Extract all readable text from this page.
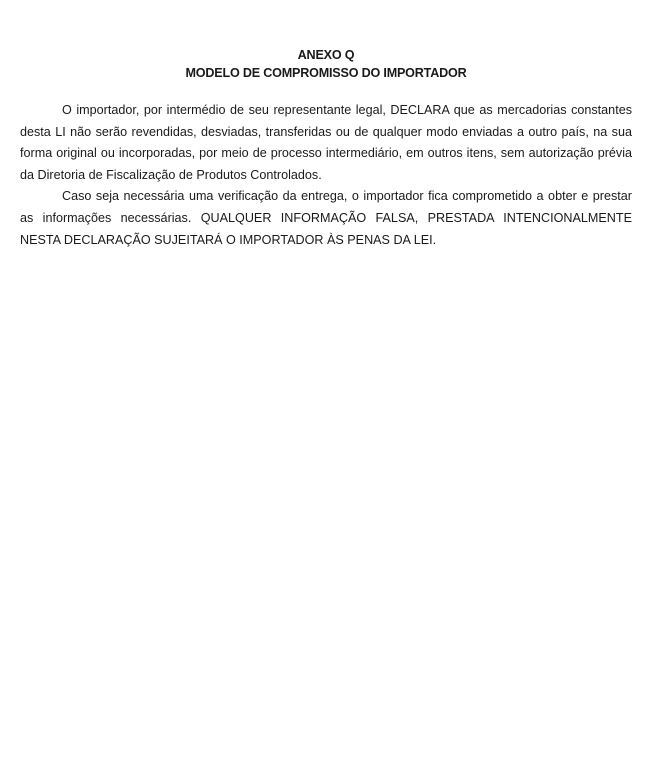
ANEXO Q
MODELO DE COMPROMISSO DO IMPORTADOR

O importador, por intermédio de seu representante legal, DECLARA que as mercadorias constantes desta LI não serão revendidas, desviadas, transferidas ou de qualquer modo enviadas a outro país, na sua forma original ou incorporadas, por meio de processo intermediário, em outros itens, sem autorização prévia da Diretoria de Fiscalização de Produtos Controlados.

Caso seja necessária uma verificação da entrega, o importador fica comprometido a obter e prestar as informações necessárias. QUALQUER INFORMAÇÃO FALSA, PRESTADA INTENCIONALMENTE NESTA DECLARAÇÃO SUJEITARÁ O IMPORTADOR ÀS PENAS DA LEI.
